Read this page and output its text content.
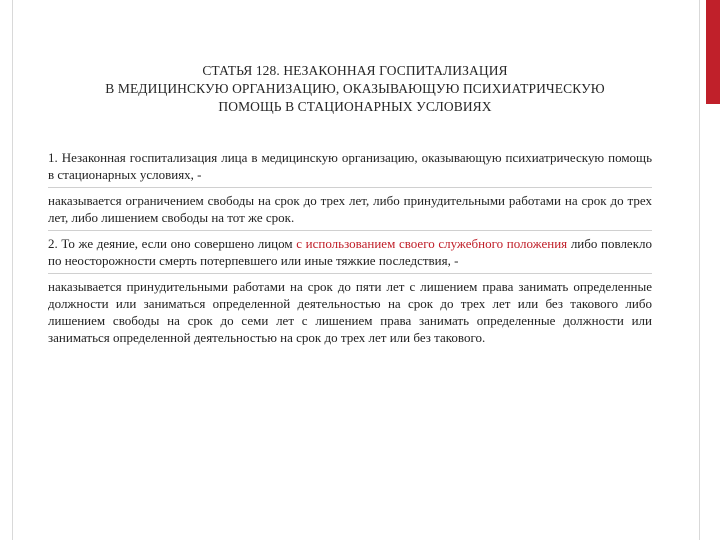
СТАТЬЯ 128. НЕЗАКОННАЯ ГОСПИТАЛИЗАЦИЯ
В МЕДИЦИНСКУЮ ОРГАНИЗАЦИЮ, ОКАЗЫВАЮЩУЮ ПСИХИАТРИЧЕСКУЮ
ПОМОЩЬ В СТАЦИОНАРНЫХ УСЛОВИЯХ

1. Незаконная госпитализация лица в медицинскую организацию, оказывающую психиатрическую помощь в стационарных условиях, -

наказывается ограничением свободы на срок до трех лет, либо принудительными работами на срок до трех лет, либо лишением свободы на тот же срок.

2. То же деяние, если оно совершено лицом с использованием своего служебного положения либо повлекло по неосторожности смерть потерпевшего или иные тяжкие последствия, -

наказывается принудительными работами на срок до пяти лет с лишением права занимать определенные должности или заниматься определенной деятельностью на срок до трех лет или без такового либо лишением свободы на срок до семи лет с лишением права занимать определенные должности или заниматься определенной деятельностью на срок до трех лет или без такового.
